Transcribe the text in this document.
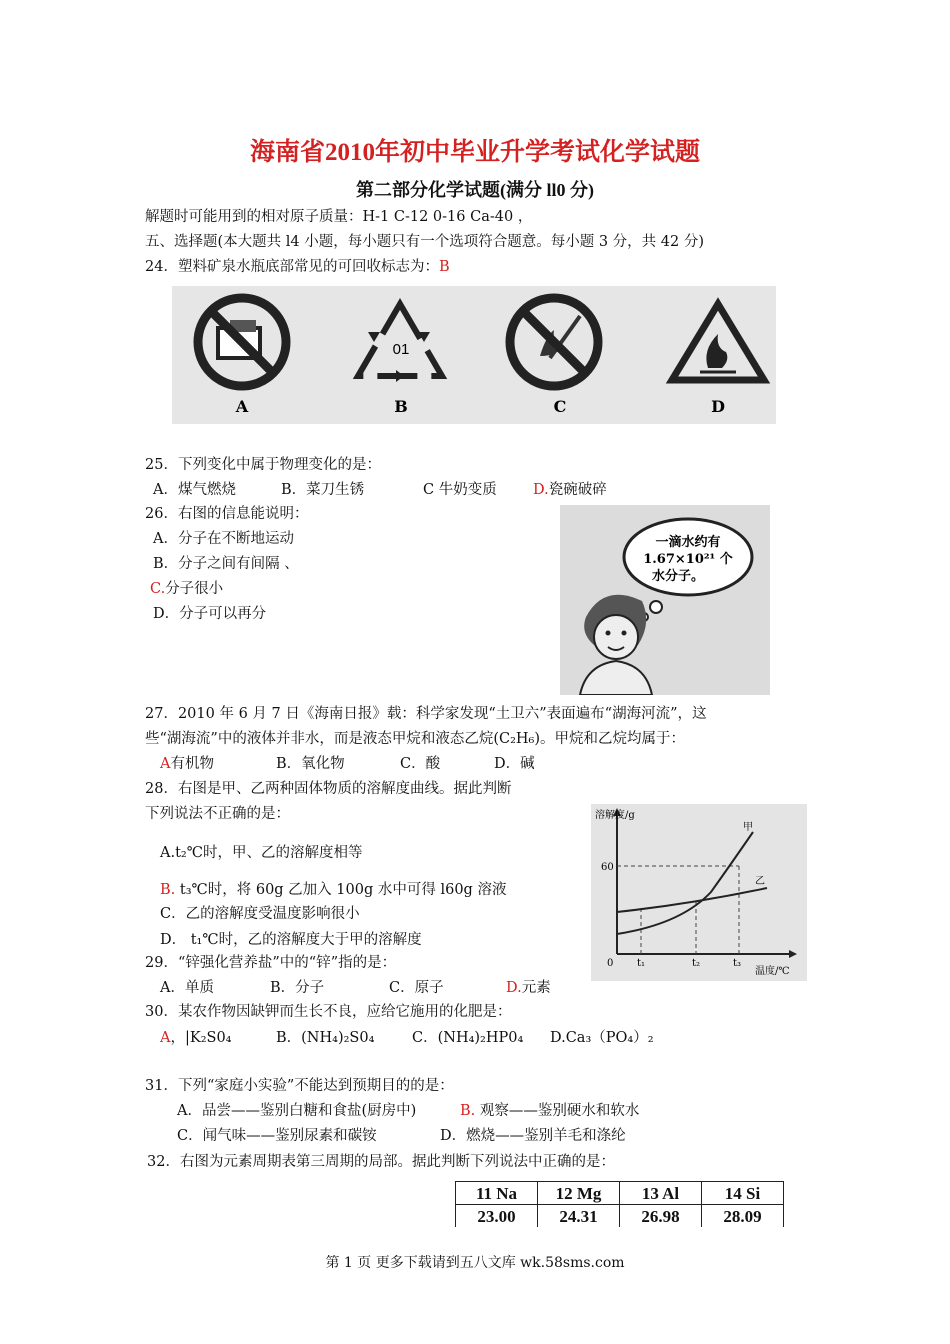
海南省2010年初中毕业升学考试化学试题
第二部分化学试题(满分 ll0 分)
解题时可能用到的相对原子质量：H-1 C-12 0-16 Ca-40 ，
五、选择题(本大题共 l4 小题，每小题只有一个选项符合题意。每小题 3 分，共 42 分)
24．塑料矿泉水瓶底部常见的可回收标志为：B
01
A	B	C	D
25．下列变化中属于物理变化的是：
A．煤气燃烧	B．菜刀生锈	C 牛奶变质	D.瓷碗破碎
26．右图的信息能说明：
A．分子在不断地运动
B．分子之间有间隔 、
C.分子很小
D．分子可以再分
一滴水约有
1.67×10²¹ 个
水分子。
27．2010 年 6 月 7 日《海南日报》载：科学家发现“土卫六”表面遍布“湖海河流”，这
些“湖海流”中的液体并非水，而是液态甲烷和液态乙烷(C₂H₆)。甲烷和乙烷均属于：
A有机物	B．氧化物	C．酸	D．碱
28．右图是甲、乙两种固体物质的溶解度曲线。据此判断
下列说法不正确的是：
A.t₂℃时，甲、乙的溶解度相等
B. t₃℃时，将 60g 乙加入 100g 水中可得 l60g 溶液
C．乙的溶解度受温度影响很小
D． t₁℃时，乙的溶解度大于甲的溶解度
溶解度/g
60
甲
乙
0 t₁	t₂	t₃
温度/℃
29．“锌强化营养盐”中的“锌”指的是：
A．单质	B．分子	C．原子	D.元素
30．某农作物因缺钾而生长不良，应给它施用的化肥是：
A，|K₂S0₄	B．(NH₄)₂S0₄	C．(NH₄)₂HP0₄ D.Ca₃（PO₄）₂
31．下列“家庭小实验”不能达到预期目的的是：
A．品尝——鉴别白糖和食盐(厨房中)	B. 观察——鉴别硬水和软水
C．闻气味——鉴别尿素和碳铵	D．燃烧——鉴别羊毛和涤纶
32．右图为元素周期表第三周期的局部。据此判断下列说法中正确的是：
11 Na	12 Mg	13 Al	14 Si
23.00	24.31	26.98	28.09
第 1 页 更多下载请到五八文库 wk.58sms.com
